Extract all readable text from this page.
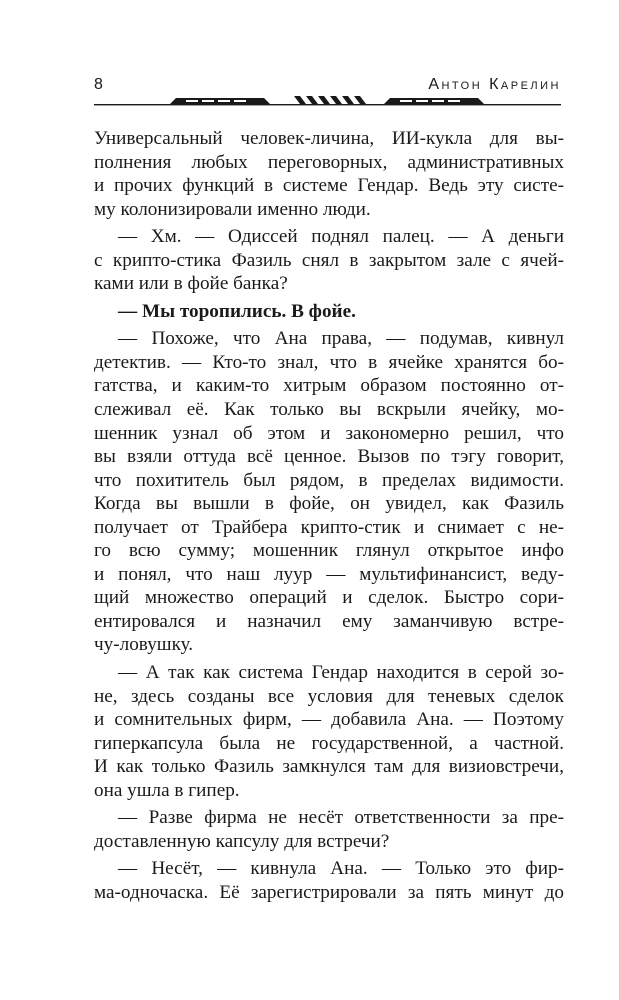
8	Антон Карелин
Универсальный человек-личина, ИИ-кукла для вы-
полнения любых переговорных, административных
и прочих функций в системе Гендар. Ведь эту систе-
му колонизировали именно люди.
— Хм. — Одиссей поднял палец. — А деньги
с крипто-стика Фазиль снял в закрытом зале с ячей-
ками или в фойе банка?
— Мы торопились. В фойе.
— Похоже, что Ана права, — подумав, кивнул
детектив. — Кто-то знал, что в ячейке хранятся бо-
гатства, и каким-то хитрым образом постоянно от-
слеживал её. Как только вы вскрыли ячейку, мо-
шенник узнал об этом и закономерно решил, что
вы взяли оттуда всё ценное. Вызов по тэгу говорит,
что похититель был рядом, в пределах видимости.
Когда вы вышли в фойе, он увидел, как Фазиль
получает от Трайбера крипто-стик и снимает с не-
го всю сумму; мошенник глянул открытое инфо
и понял, что наш луур — мультифинансист, веду-
щий множество операций и сделок. Быстро сори-
ентировался и назначил ему заманчивую встре-
чу-ловушку.
— А так как система Гендар находится в серой зо-
не, здесь созданы все условия для теневых сделок
и сомнительных фирм, — добавила Ана. — Поэтому
гиперкапсула была не государственной, а частной.
И как только Фазиль замкнулся там для визиовстречи,
она ушла в гипер.
— Разве фирма не несёт ответственности за пре-
доставленную капсулу для встречи?
— Несёт, — кивнула Ана. — Только это фир-
ма-одночаска. Её зарегистрировали за пять минут до
